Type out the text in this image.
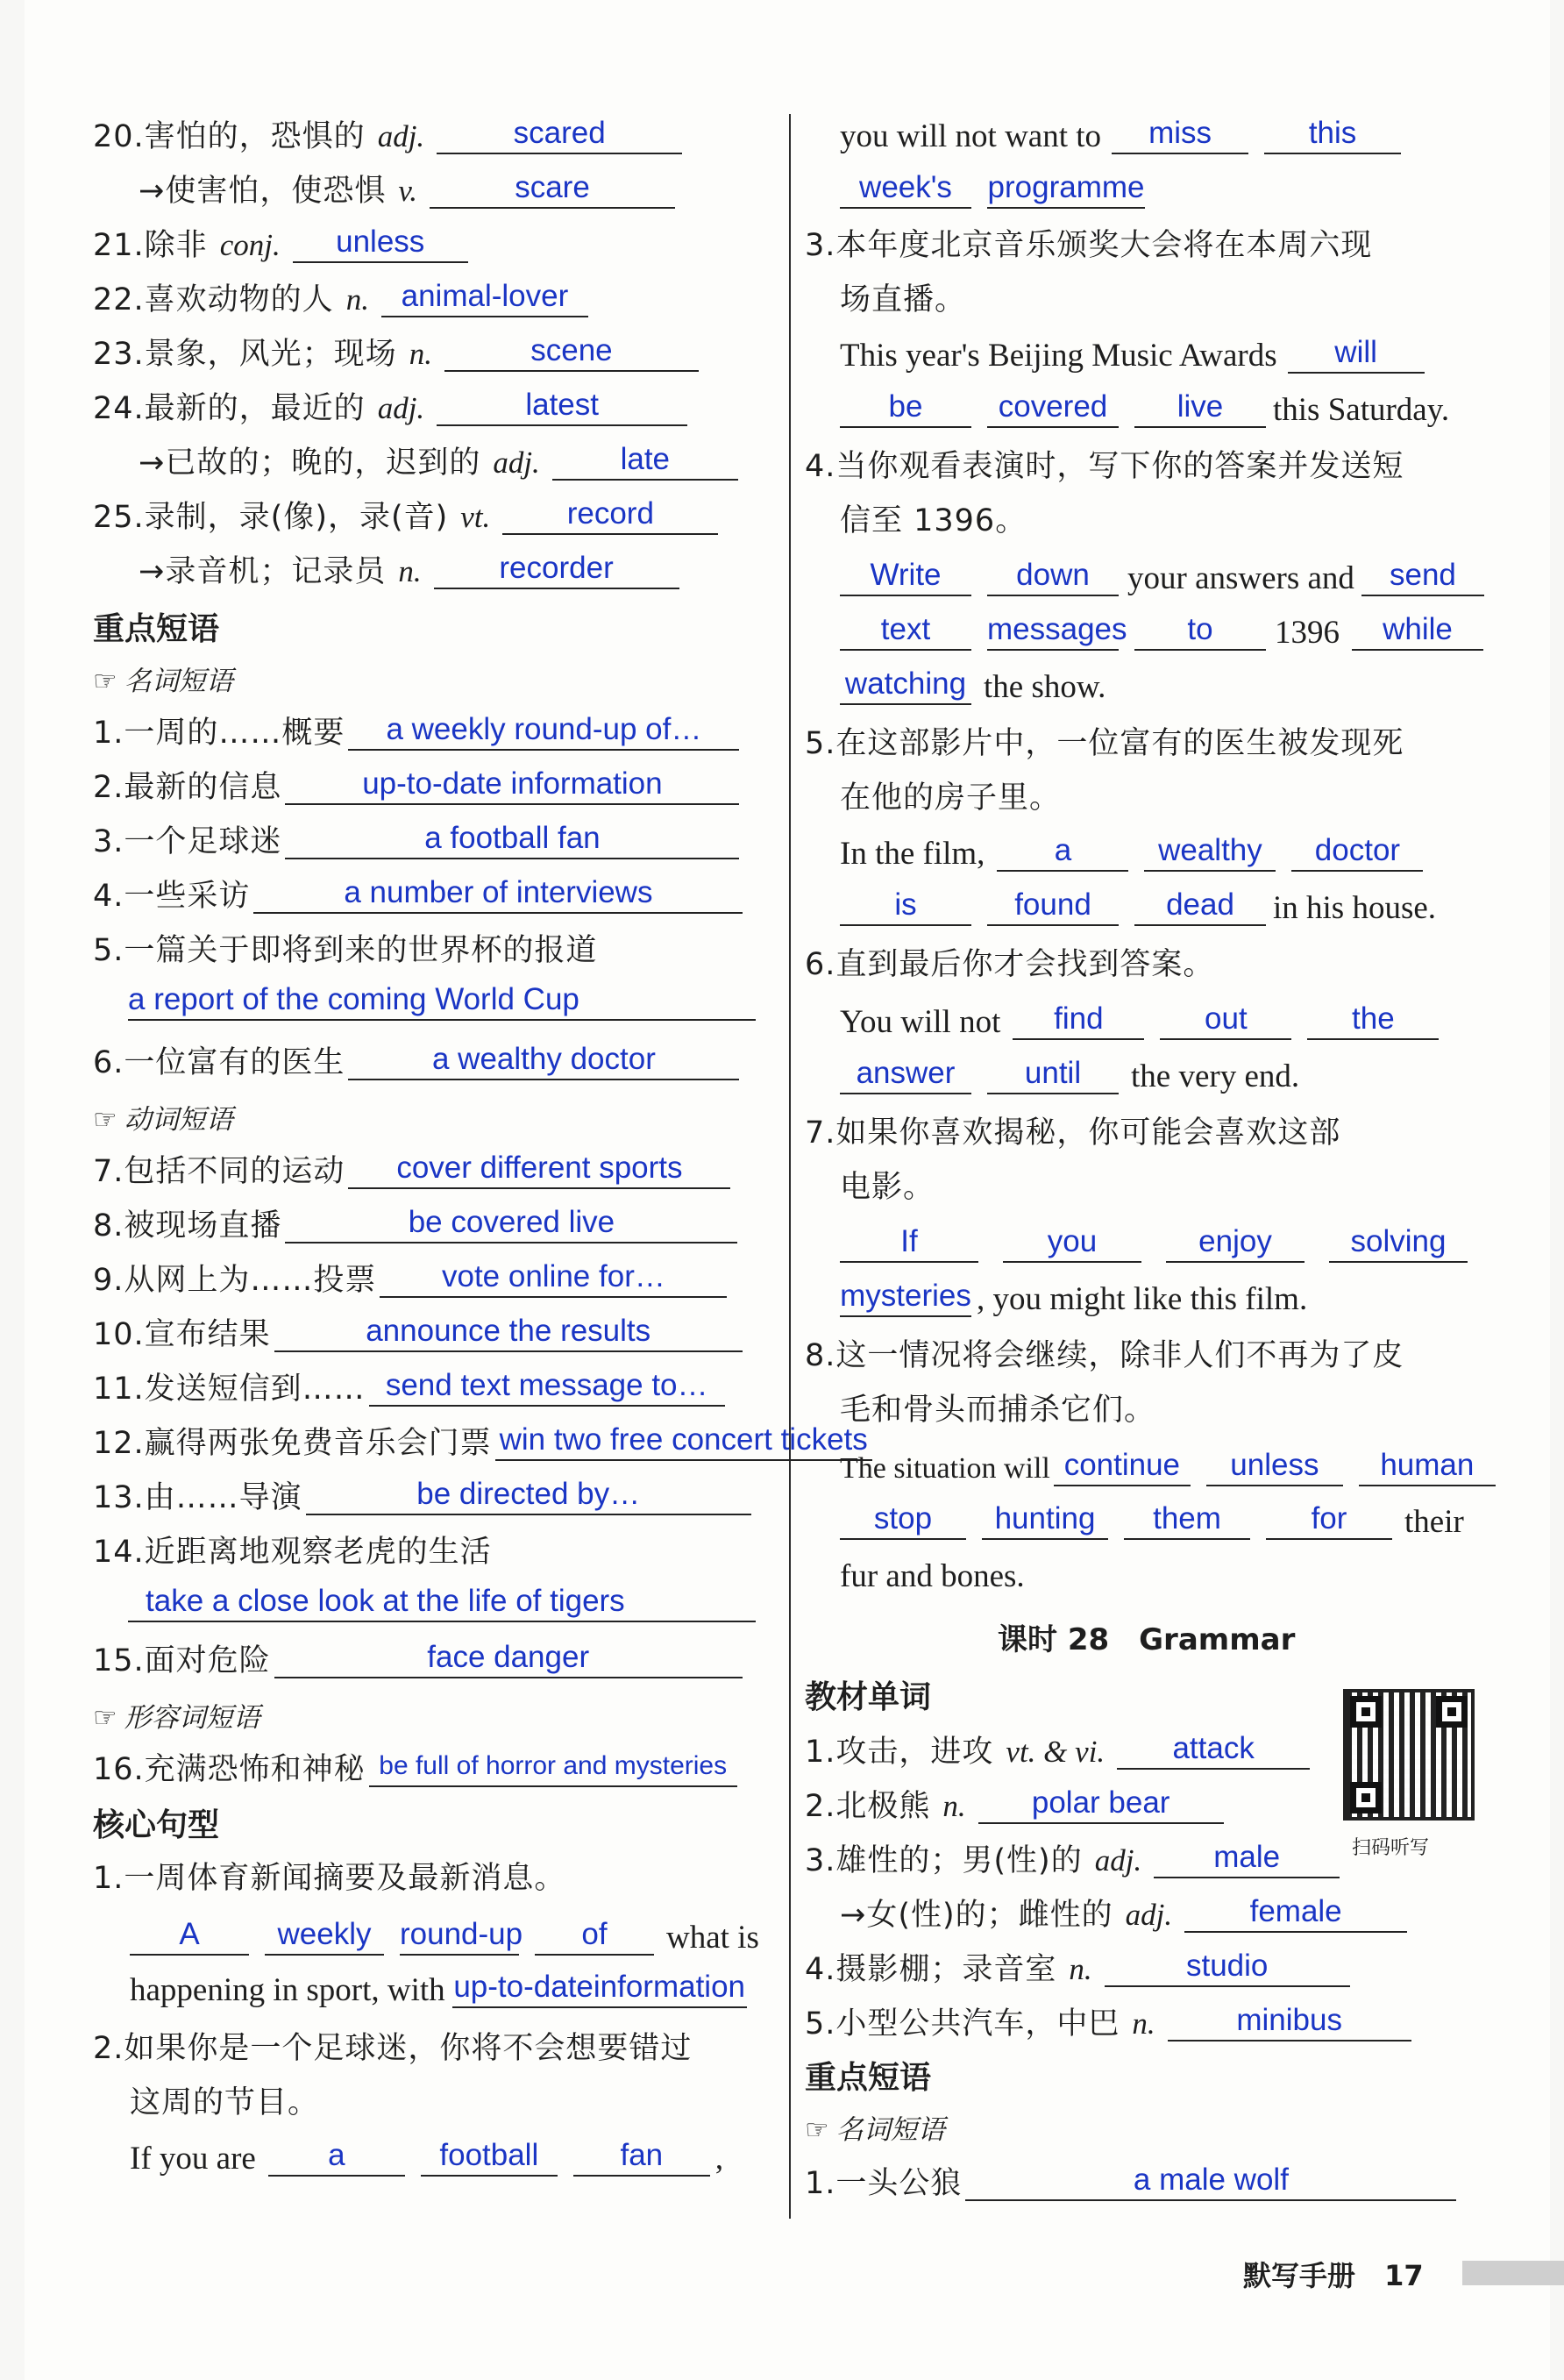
20.害怕的，恐惧的 adj.	scared
→使害怕，使恐惧 v.	scare
21.除非 conj. unless
22.喜欢动物的人 n. animal-lover
23.景象，风光；现场 n.	scene
24.最新的，最近的 adj.	latest
→已故的；晚的，迟到的 adj.	late
25.录制，录(像)，录(音) vt. record
→录音机；记录员 n.	recorder
重点短语
☞ 名词短语
1.一周的……概要 a weekly round-up of…
2.最新的信息	up-to-date information
3.一个足球迷	a football fan
4.一些采访	a number of interviews
5.一篇关于即将到来的世界杯的报道
a report of the coming World Cup
6.一位富有的医生	a wealthy doctor
☞ 动词短语
7.包括不同的运动 cover different sports
8.被现场直播	be covered live
9.从网上为……投票 vote online for…
10.宣布结果	announce the results
11.发送短信到…… send text message to…
12.赢得两张免费音乐会门票 win two free concert tickets
13.由……导演	be directed by…
14.近距离地观察老虎的生活
take a close look at the life of tigers
15.面对危险	face danger
☞ 形容词短语
16.充满恐怖和神秘 be full of horror and mysteries
核心句型
1.一周体育新闻摘要及最新消息。
A	weekly round-up of what is
happening in sport, with up-to-dateinformation
2.如果你是一个足球迷，你将不会想要错过
这周的节目。
If you are a	football	fan ,
you will not want to miss	this
week's programme
3.本年度北京音乐颁奖大会将在本周六现
场直播。
This year's Beijing Music Awards will
be covered live this Saturday.
4.当你观看表演时，写下你的答案并发送短
信至 1396。
Write down your answers and send
text messages to 1396 while
watching the show.
5.在这部影片中，一位富有的医生被发现死
在他的房子里。
In the film, a	wealthy doctor
is	found dead in his house.
6.直到最后你才会找到答案。
You will not find	out	the
answer until the very end.
7.如果你喜欢揭秘，你可能会喜欢这部
电影。
If	you	enjoy	solving
mysteries , you might like this film.
8.这一情况将会继续，除非人们不再为了皮
毛和骨头而捕杀它们。
The situation will continue unless human
stop hunting them	for their
fur and bones.
课时 28　Grammar
教材单词
1.攻击，进攻 vt. & vi. attack
2.北极熊 n. polar bear
3.雄性的；男(性)的 adj. male
→女(性)的；雌性的 adj.	female
4.摄影棚；录音室 n.	studio
5.小型公共汽车，中巴 n.	minibus
重点短语
☞ 名词短语
1.一头公狼	a male wolf
扫码听写
默写手册 17
